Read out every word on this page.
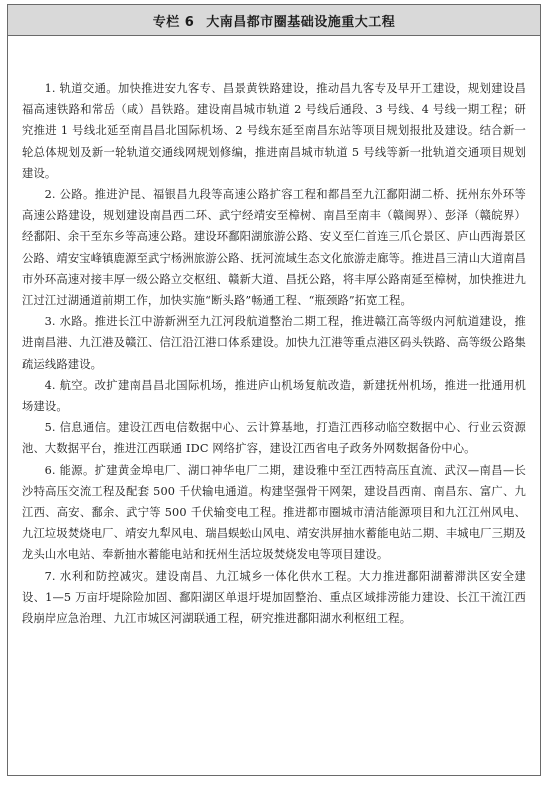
专栏 6 大南昌都市圈基础设施重大工程

1. 轨道交通。加快推进安九客专、昌景黄铁路建设，推动昌九客专及早开工建设，规划建设昌福高速铁路和常岳（咸）昌铁路。建设南昌城市轨道 2 号线后通段、3 号线、4 号线一期工程；研究推进 1 号线北延至南昌昌北国际机场、2 号线东延至南昌东站等项目规划报批及建设。结合新一轮总体规划及新一轮轨道交通线网规划修编，推进南昌城市轨道 5 号线等新一批轨道交通项目规划建设。

2. 公路。推进沪昆、福银昌九段等高速公路扩容工程和都昌至九江鄱阳湖二桥、抚州东外环等高速公路建设，规划建设南昌西二环、武宁经靖安至樟树、南昌至南丰（赣闽界）、彭泽（赣皖界）经鄱阳、余干至东乡等高速公路。建设环鄱阳湖旅游公路、安义至仁首连三爪仑景区、庐山西海景区公路、靖安宝峰镇鹿源至武宁杨洲旅游公路、抚河流域生态文化旅游走廊等。推进昌三清山大道南昌市外环高速对接丰厚一级公路立交枢纽、赣新大道、昌抚公路，将丰厚公路南延至樟树，加快推进九江过江过湖通道前期工作，加快实施“断头路”畅通工程、“瓶颈路”拓宽工程。

3. 水路。推进长江中游新洲至九江河段航道整治二期工程，推进赣江高等级内河航道建设，推进南昌港、九江港及赣江、信江沿江港口体系建设。加快九江港等重点港区码头铁路、高等级公路集疏运线路建设。

4. 航空。改扩建南昌昌北国际机场，推进庐山机场复航改造，新建抚州机场，推进一批通用机场建设。

5. 信息通信。建设江西电信数据中心、云计算基地，打造江西移动临空数据中心、行业云资源池、大数据平台，推进江西联通 IDC 网络扩容，建设江西省电子政务外网数据备份中心。

6. 能源。扩建黄金埠电厂、湖口神华电厂二期，建设雅中至江西特高压直流、武汉—南昌—长沙特高压交流工程及配套 500 千伏输电通道。构建坚强骨干网架，建设昌西南、南昌东、富广、九江西、高安、鄱余、武宁等 500 千伏输变电工程。推进都市圈城市清洁能源项目和九江江州风电、九江垃圾焚烧电厂、靖安九犁风电、瑞昌蜈蚣山风电、靖安洪屏抽水蓄能电站二期、丰城电厂三期及龙头山水电站、奉新抽水蓄能电站和抚州生活垃圾焚烧发电等项目建设。

7. 水利和防控减灾。建设南昌、九江城乡一体化供水工程。大力推进鄱阳湖蓄滞洪区安全建设、1—5 万亩圩堤除险加固、鄱阳湖区单退圩堤加固整治、重点区域排涝能力建设、长江干流江西段崩岸应急治理、九江市城区河湖联通工程，研究推进鄱阳湖水利枢纽工程。
